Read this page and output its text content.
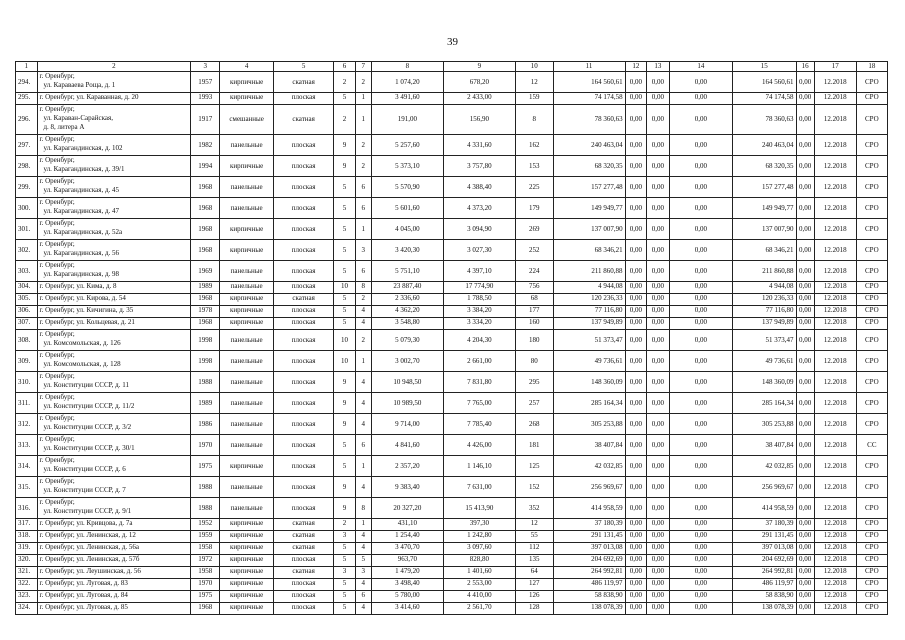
39
1	2	3	4	5	6	7	8	9	10	11	12	13	14	15	16	17	18
294.	г. Оренбург,
ул. Караваева Роща, д. 1	1957	кирпичные	скатная	2	2	1 074,20	678,20	12	164 560,61	0,00	0,00	0,00	164 560,61	0,00	12.2018	СРО
295.	г. Оренбург, ул. Караванная, д. 20	1993	кирпичные	плоская	5	1	3 491,60	2 433,00	159	74 174,58	0,00	0,00	0,00	74 174,58	0,00	12.2018	СРО
296.	г. Оренбург,
ул. Караван-Сарайская,
д. 8, литера А	1917	смешанные	скатная	2	1	191,00	156,90	8	78 360,63	0,00	0,00	0,00	78 360,63	0,00	12.2018	СРО
297.	г. Оренбург,
ул. Карагандинская, д. 102	1982	панельные	плоская	9	2	5 257,60	4 331,60	162	240 463,04	0,00	0,00	0,00	240 463,04	0,00	12.2018	СРО
298.	г. Оренбург,
ул. Карагандинская, д. 39/1	1994	кирпичные	плоская	9	2	5 373,10	3 757,80	153	68 320,35	0,00	0,00	0,00	68 320,35	0,00	12.2018	СРО
299.	г. Оренбург,
ул. Карагандинская, д. 45	1968	панельные	плоская	5	6	5 570,90	4 388,40	225	157 277,48	0,00	0,00	0,00	157 277,48	0,00	12.2018	СРО
300.	г. Оренбург,
ул. Карагандинская, д. 47	1968	панельные	плоская	5	6	5 601,60	4 373,20	179	149 949,77	0,00	0,00	0,00	149 949,77	0,00	12.2018	СРО
301.	г. Оренбург,
ул. Карагандинская, д. 52а	1968	кирпичные	плоская	5	1	4 045,00	3 094,90	269	137 007,90	0,00	0,00	0,00	137 007,90	0,00	12.2018	СРО
302.	г. Оренбург,
ул. Карагандинская, д. 56	1968	кирпичные	плоская	5	3	3 420,30	3 027,30	252	68 346,21	0,00	0,00	0,00	68 346,21	0,00	12.2018	СРО
303.	г. Оренбург,
ул. Карагандинская, д. 98	1969	панельные	плоская	5	6	5 751,10	4 397,10	224	211 860,88	0,00	0,00	0,00	211 860,88	0,00	12.2018	СРО
304.	г. Оренбург, ул. Кима, д. 8	1989	панельные	плоская	10	8	23 887,40	17 774,90	756	4 944,08	0,00	0,00	0,00	4 944,08	0,00	12.2018	СРО
305.	г. Оренбург, ул. Кирова, д. 54	1968	кирпичные	скатная	5	2	2 336,60	1 788,50	68	120 236,33	0,00	0,00	0,00	120 236,33	0,00	12.2018	СРО
306.	г. Оренбург, ул. Кичигина, д. 35	1978	кирпичные	плоская	5	4	4 362,20	3 384,20	177	77 116,80	0,00	0,00	0,00	77 116,80	0,00	12.2018	СРО
307.	г. Оренбург, ул. Кольцевая, д. 21	1968	кирпичные	плоская	5	4	3 548,80	3 334,20	160	137 949,89	0,00	0,00	0,00	137 949,89	0,00	12.2018	СРО
308.	г. Оренбург,
ул. Комсомольская, д. 126	1998	панельные	плоская	10	2	5 079,30	4 204,30	180	51 373,47	0,00	0,00	0,00	51 373,47	0,00	12.2018	СРО
309.	г. Оренбург,
ул. Комсомольская, д. 128	1998	панельные	плоская	10	1	3 002,70	2 661,00	80	49 736,61	0,00	0,00	0,00	49 736,61	0,00	12.2018	СРО
310.	г. Оренбург,
ул. Конституции СССР, д. 11	1988	панельные	плоская	9	4	10 948,50	7 831,80	295	148 360,09	0,00	0,00	0,00	148 360,09	0,00	12.2018	СРО
311.	г. Оренбург,
ул. Конституции СССР, д. 11/2	1989	панельные	плоская	9	4	10 989,50	7 765,00	257	285 164,34	0,00	0,00	0,00	285 164,34	0,00	12.2018	СРО
312.	г. Оренбург,
ул. Конституции СССР, д. 3/2	1986	панельные	плоская	9	4	9 714,00	7 785,40	268	305 253,88	0,00	0,00	0,00	305 253,88	0,00	12.2018	СРО
313.	г. Оренбург,
ул. Конституции СССР, д. 30/1	1970	панельные	плоская	5	6	4 841,60	4 426,00	181	38 407,84	0,00	0,00	0,00	38 407,84	0,00	12.2018	СС
314.	г. Оренбург,
ул. Конституции СССР, д. 6	1975	кирпичные	плоская	5	1	2 357,20	1 146,10	125	42 032,85	0,00	0,00	0,00	42 032,85	0,00	12.2018	СРО
315.	г. Оренбург,
ул. Конституции СССР, д. 7	1988	панельные	плоская	9	4	9 383,40	7 631,00	152	256 969,67	0,00	0,00	0,00	256 969,67	0,00	12.2018	СРО
316.	г. Оренбург,
ул. Конституции СССР, д. 9/1	1988	панельные	плоская	9	8	20 327,20	15 413,90	352	414 958,59	0,00	0,00	0,00	414 958,59	0,00	12.2018	СРО
317.	г. Оренбург, ул. Кривцова, д. 7а	1952	кирпичные	скатная	2	1	431,10	397,30	12	37 180,39	0,00	0,00	0,00	37 180,39	0,00	12.2018	СРО
318.	г. Оренбург, ул. Ленинская, д. 12	1959	кирпичные	скатная	3	4	1 254,40	1 242,80	55	291 131,45	0,00	0,00	0,00	291 131,45	0,00	12.2018	СРО
319.	г. Оренбург, ул. Ленинская, д. 56а	1958	кирпичные	скатная	5	4	3 470,70	3 097,60	112	397 013,08	0,00	0,00	0,00	397 013,08	0,00	12.2018	СРО
320.	г. Оренбург, ул. Ленинская, д. 57б	1972	кирпичные	плоская	5	5	963,70	828,80	135	204 692,69	0,00	0,00	0,00	204 692,69	0,00	12.2018	СРО
321.	г. Оренбург, ул. Леушинская, д. 56	1958	кирпичные	скатная	3	3	1 479,20	1 401,60	64	264 992,81	0,00	0,00	0,00	264 992,81	0,00	12.2018	СРО
322.	г. Оренбург, ул. Луговая, д. 83	1970	кирпичные	плоская	5	4	3 498,40	2 553,00	127	486 119,97	0,00	0,00	0,00	486 119,97	0,00	12.2018	СРО
323.	г. Оренбург, ул. Луговая, д. 84	1975	кирпичные	плоская	5	6	5 780,00	4 410,00	126	58 838,90	0,00	0,00	0,00	58 838,90	0,00	12.2018	СРО
324.	г. Оренбург, ул. Луговая, д. 85	1968	кирпичные	плоская	5	4	3 414,60	2 561,70	128	138 078,39	0,00	0,00	0,00	138 078,39	0,00	12.2018	СРО
